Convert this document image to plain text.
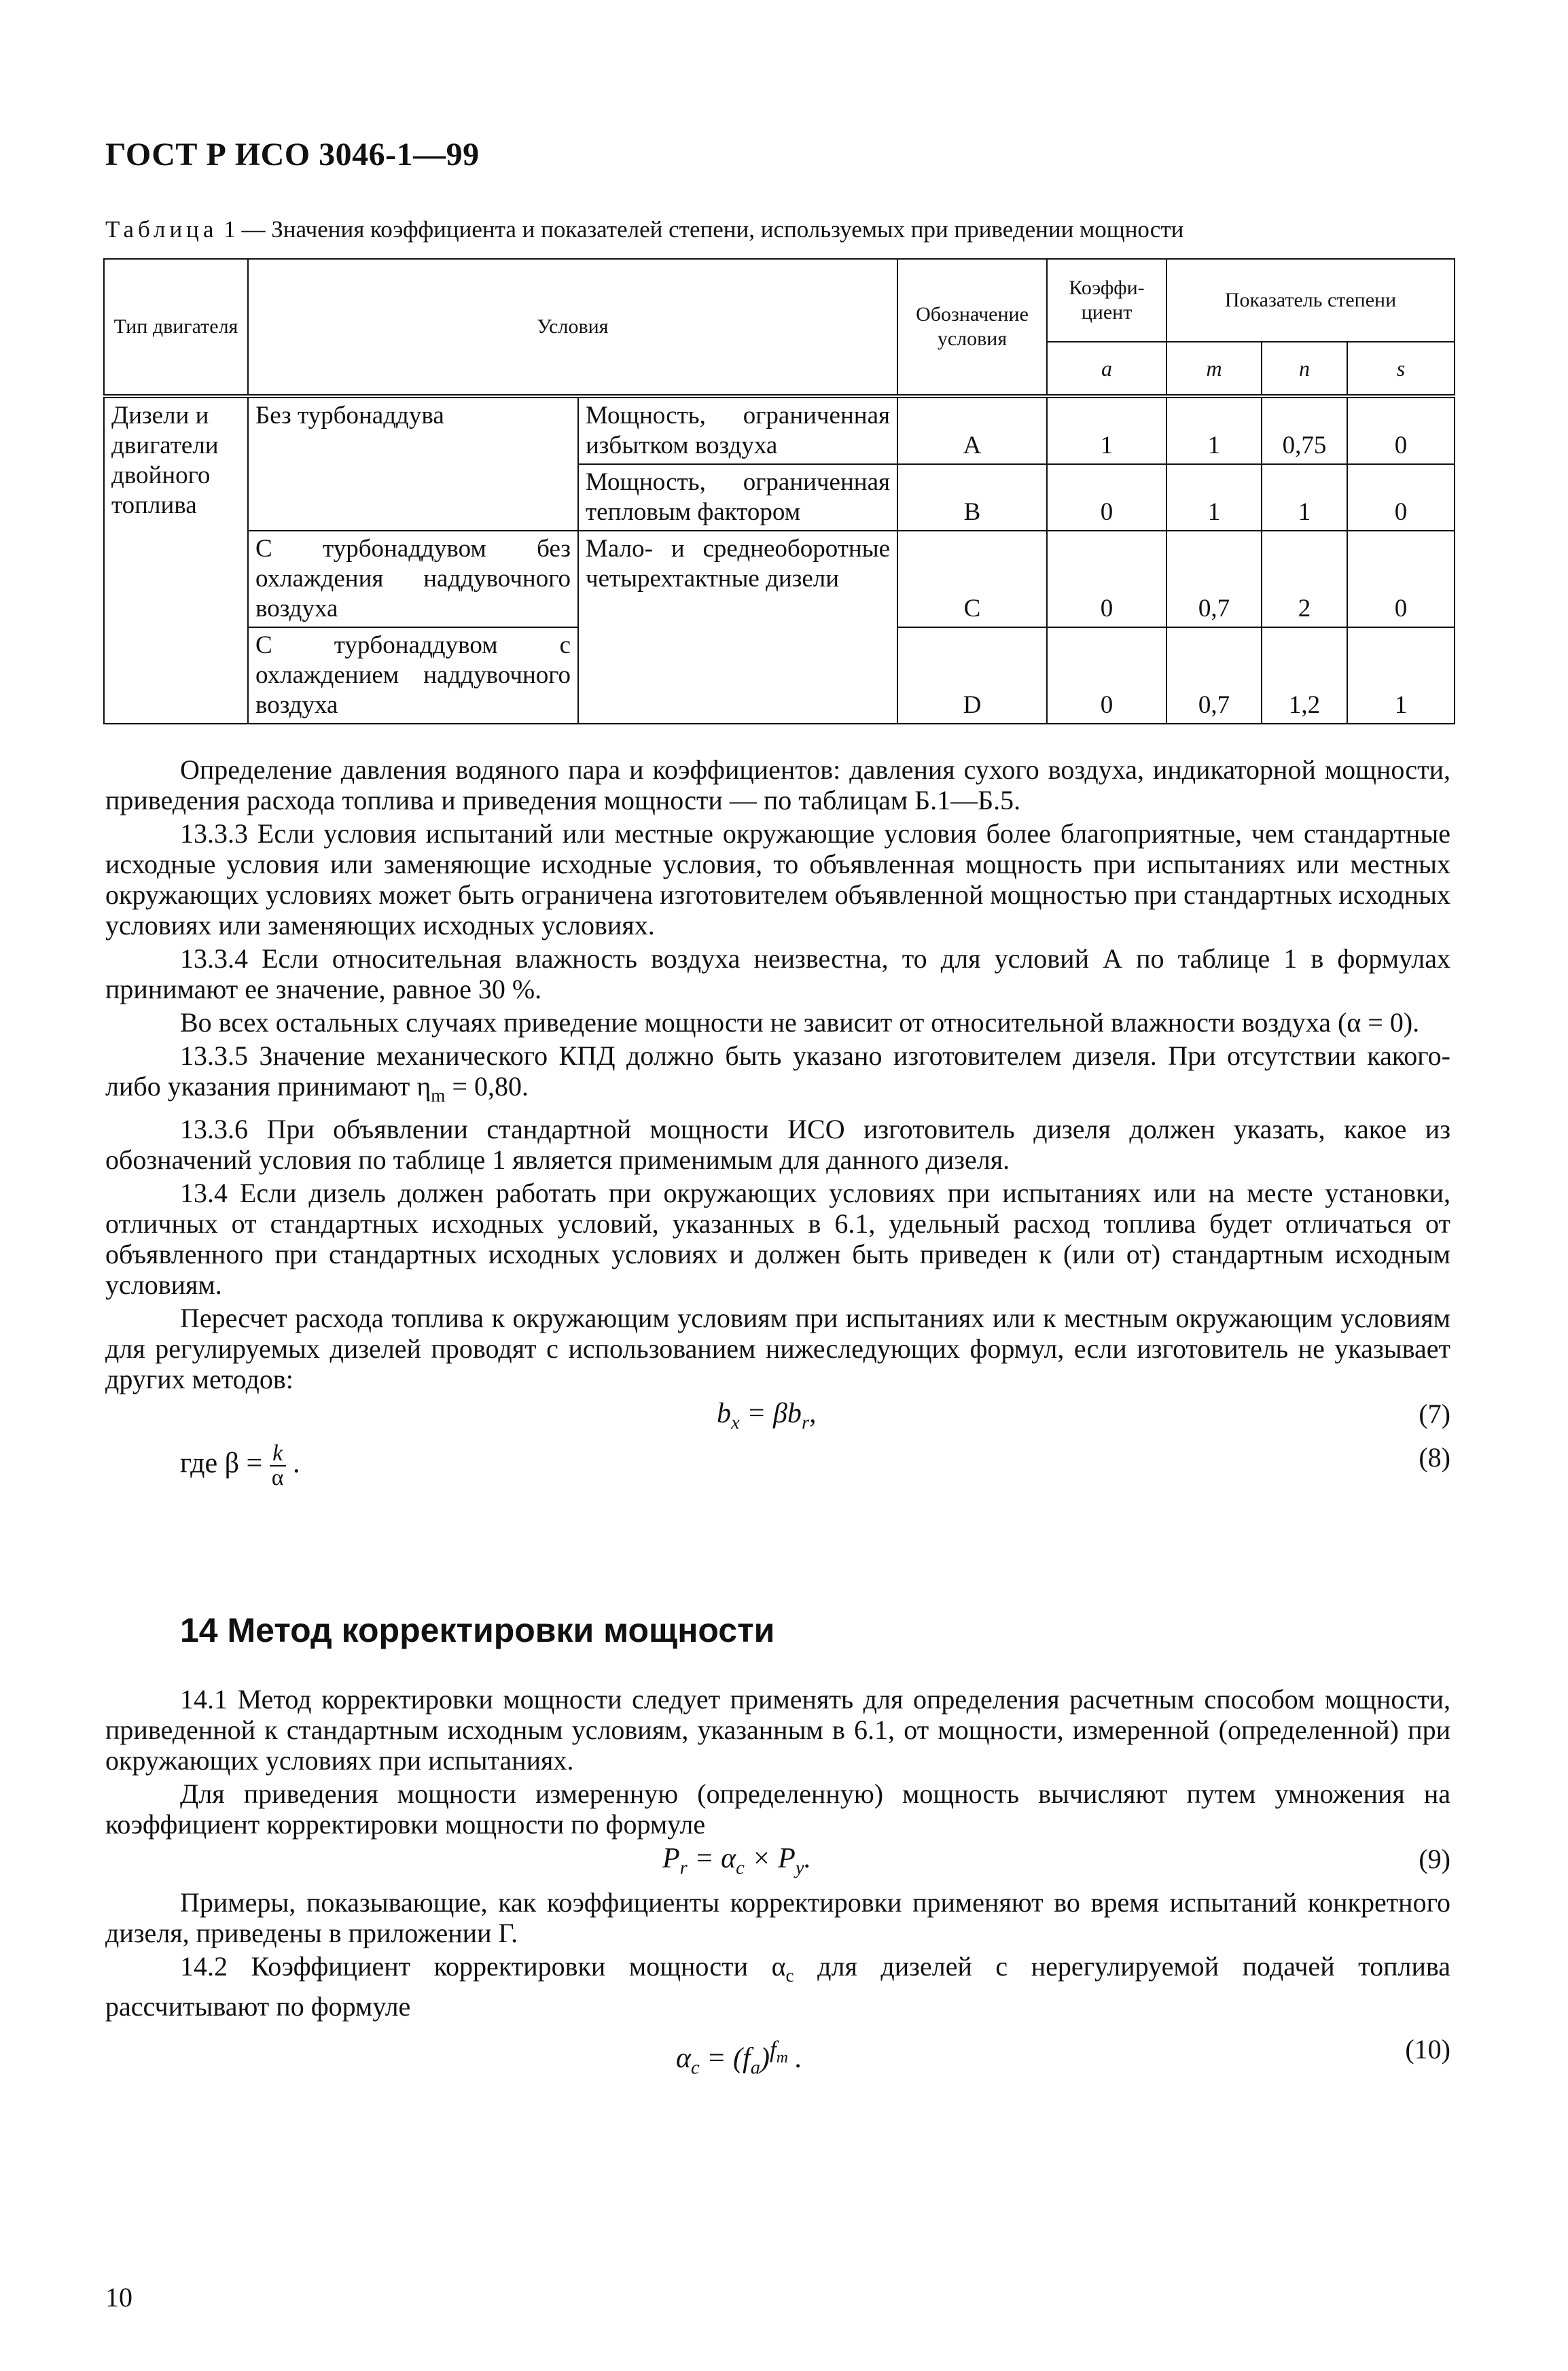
ГОСТ Р ИСО 3046-1—99
Таблица 1 — Значения коэффициента и показателей степени, используемых при приведении мощности
Тип двигателя	Условия		Обозначение условия	Коэффи- циент	Показатель степени		
				a	m	n	s
Дизели и двигатели двойного топлива	Без турбонаддува	Мощность, ограниченная избытком воздуха	A	1	1	0,75	0
		Мощность, ограниченная тепловым фактором	B	0	1	1	0
	С турбонаддувом без охлаждения наддувочного воздуха	Мало- и среднеоборотные четырехтактные дизели	C	0	0,7	2	0
	С турбонаддувом с охлаждением наддувочного воздуха		D	0	0,7	1,2	1

Определение давления водяного пара и коэффициентов: давления сухого воздуха, индикаторной мощности, приведения расхода топлива и приведения мощности — по таблицам Б.1—Б.5.

13.3.3 Если условия испытаний или местные окружающие условия более благоприятные, чем стандартные исходные условия или заменяющие исходные условия, то объявленная мощность при испытаниях или местных окружающих условиях может быть ограничена изготовителем объявленной мощностью при стандартных исходных условиях или заменяющих исходных условиях.

13.3.4 Если относительная влажность воздуха неизвестна, то для условий А по таблице 1 в формулах принимают ее значение, равное 30 %.

Во всех остальных случаях приведение мощности не зависит от относительной влажности воздуха (α = 0).

13.3.5 Значение механического КПД должно быть указано изготовителем дизеля. При отсутствии какого-либо указания принимают $\eta_m = 0,80$.

13.3.6 При объявлении стандартной мощности ИСО изготовитель дизеля должен указать, какое из обозначений условия по таблице 1 является применимым для данного дизеля.

13.4 Если дизель должен работать при окружающих условиях при испытаниях или на месте установки, отличных от стандартных исходных условий, указанных в 6.1, удельный расход топлива будет отличаться от объявленного при стандартных исходных условиях и должен быть приведен к (или от) стандартным исходным условиям.

Пересчет расхода топлива к окружающим условиям при испытаниях или к местным окружающим условиям для регулируемых дизелей проводят с использованием нижеследующих формул, если изготовитель не указывает других методов:

$b_x = \beta b_r$,	(7)
где $\beta = \frac{k}{\alpha}$ .	(8)
14 Метод корректировки мощности

14.1 Метод корректировки мощности следует применять для определения расчетным способом мощности, приведенной к стандартным исходным условиям, указанным в 6.1, от мощности, измеренной (определенной) при окружающих условиях при испытаниях.

Для приведения мощности измеренную (определенную) мощность вычисляют путем умножения на коэффициент корректировки мощности по формуле

$P_r = \alpha_c \times P_y$.	(9)

Примеры, показывающие, как коэффициенты корректировки применяют во время испытаний конкретного дизеля, приведены в приложении Г.

14.2 Коэффициент корректировки мощности $\alpha_c$ для дизелей с нерегулируемой подачей топлива рассчитывают по формуле

$\alpha_c = (f_a)^{f_m}$ .	(10)
10
